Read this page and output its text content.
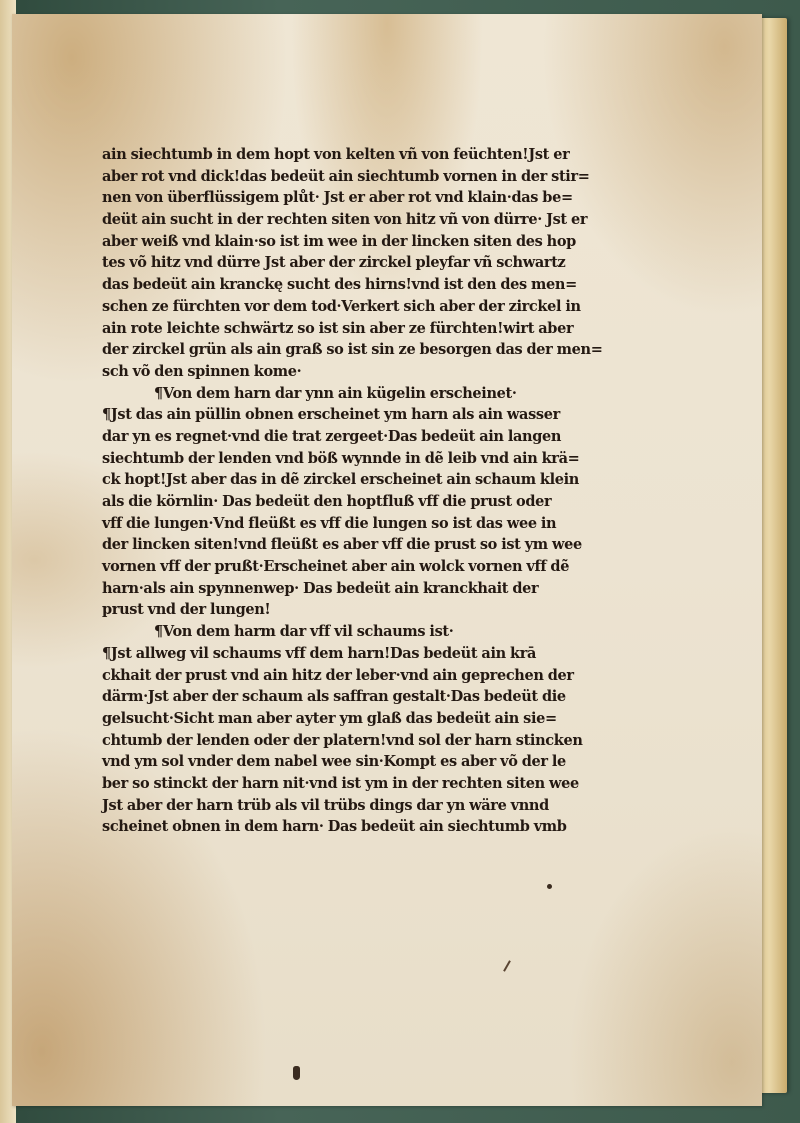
ain siechtumb in dem hopt von kelten vñ von feüchten!Jst er
aber rot vnd dick!das bedeüt ain siechtumb vornen in der stir=
nen von überflüssigem plůt· Jst er aber rot vnd klain·das be=
deüt ain sucht in der rechten siten von hitz vñ von dürre· Jst er
aber weiß vnd klain·so ist im wee in der lincken siten des hop
tes võ hitz vnd dürre Jst aber der zirckel pleyfar vñ schwartz
das bedeüt ain kranckę sucht des hirns!vnd ist den des men=
schen ze fürchten vor dem tod·Verkert sich aber der zirckel in
ain rote leichte schwärtz so ist sin aber ze fürchten!wirt aber
der zirckel grün als ain graß so ist sin ze besorgen das der men=
sch võ den spinnen kome·
¶Von dem harn dar ynn ain kügelin erscheinet·
¶Jst das ain püllin obnen erscheinet ym harn als ain wasser
dar yn es regnet·vnd die trat zergeet·Das bedeüt ain langen
siechtumb der lenden vnd böß wynnde in dẽ leib vnd ain krä=
ck hopt!Jst aber das in dẽ zirckel erscheinet ain schaum klein
als die körnlin· Das bedeüt den hoptfluß vff die prust oder
vff die lungen·Vnd fleüßt es vff die lungen so ist das wee in
der lincken siten!vnd fleüßt es aber vff die prust so ist ym wee
vornen vff der prußt·Erscheinet aber ain wolck vornen vff dẽ
harn·als ain spynnenwep· Das bedeüt ain kranckhait der
prust vnd der lungen!
¶Von dem harm dar vff vil schaums ist·
¶Jst allweg vil schaums vff dem harn!Das bedeüt ain krā
ckhait der prust vnd ain hitz der leber·vnd ain geprechen der
därm·Jst aber der schaum als saffran gestalt·Das bedeüt die
gelsucht·Sicht man aber ayter ym glaß das bedeüt ain sie=
chtumb der lenden oder der platern!vnd sol der harn stincken
vnd ym sol vnder dem nabel wee sin·Kompt es aber võ der le
ber so stinckt der harn nit·vnd ist ym in der rechten siten wee
Jst aber der harn trüb als vil trübs dings dar yn wäre vnnd
scheinet obnen in dem harn· Das bedeüt ain siechtumb vmb
